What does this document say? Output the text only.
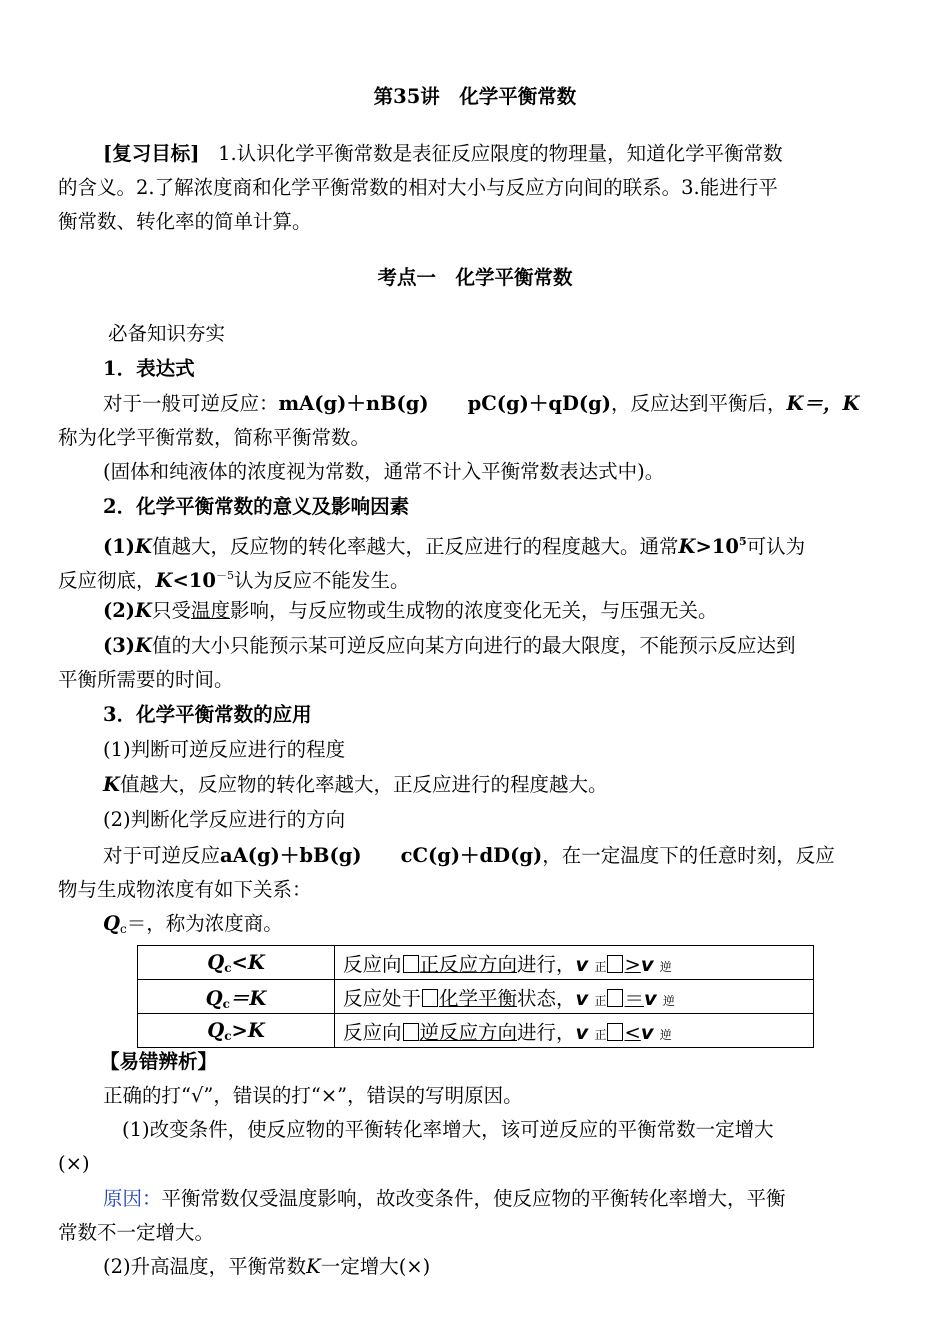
第35讲　化学平衡常数
[复习目标] 1.认识化学平衡常数是表征反应限度的物理量，知道化学平衡常数
的含义。2.了解浓度商和化学平衡常数的相对大小与反应方向间的联系。3.能进行平
衡常数、转化率的简单计算。
考点一　化学平衡常数
必备知识夯实
1．表达式
对于一般可逆反应：mA(g)＋nB(g)　　pC(g)＋qD(g)，反应达到平衡后，K＝，K
称为化学平衡常数，简称平衡常数。
(固体和纯液体的浓度视为常数，通常不计入平衡常数表达式中)。
2．化学平衡常数的意义及影响因素
(1)K值越大，反应物的转化率越大，正反应进行的程度越大。通常$K>10^5$可认为
反应彻底，$K<10^{-5}$认为反应不能发生。
(2)K只受温度影响，与反应物或生成物的浓度变化无关，与压强无关。
(3)K值的大小只能预示某可逆反应向某方向进行的最大限度，不能预示反应达到
平衡所需要的时间。
3．化学平衡常数的应用
(1)判断可逆反应进行的程度
K值越大，反应物的转化率越大，正反应进行的程度越大。
(2)判断化学反应进行的方向
对于可逆反应aA(g)＋bB(g)　　cC(g)＋dD(g)，在一定温度下的任意时刻，反应
物与生成物浓度有如下关系：
$Q_c=$，称为浓度商。
$Q_c<K$	反应向 正反应方向进行，v 正 >v 逆
$Q_c=K$	反应处于 化学平衡状态，v 正 ＝v 逆
$Q_c>K$	反应向 逆反应方向进行，v 正 <v 逆
【易错辨析】
正确的打“√”，错误的打“×”，错误的写明原因。
(1)改变条件，使反应物的平衡转化率增大，该可逆反应的平衡常数一定增大
(×)
原因：平衡常数仅受温度影响，故改变条件，使反应物的平衡转化率增大，平衡
常数不一定增大。
(2)升高温度，平衡常数K一定增大(×)
